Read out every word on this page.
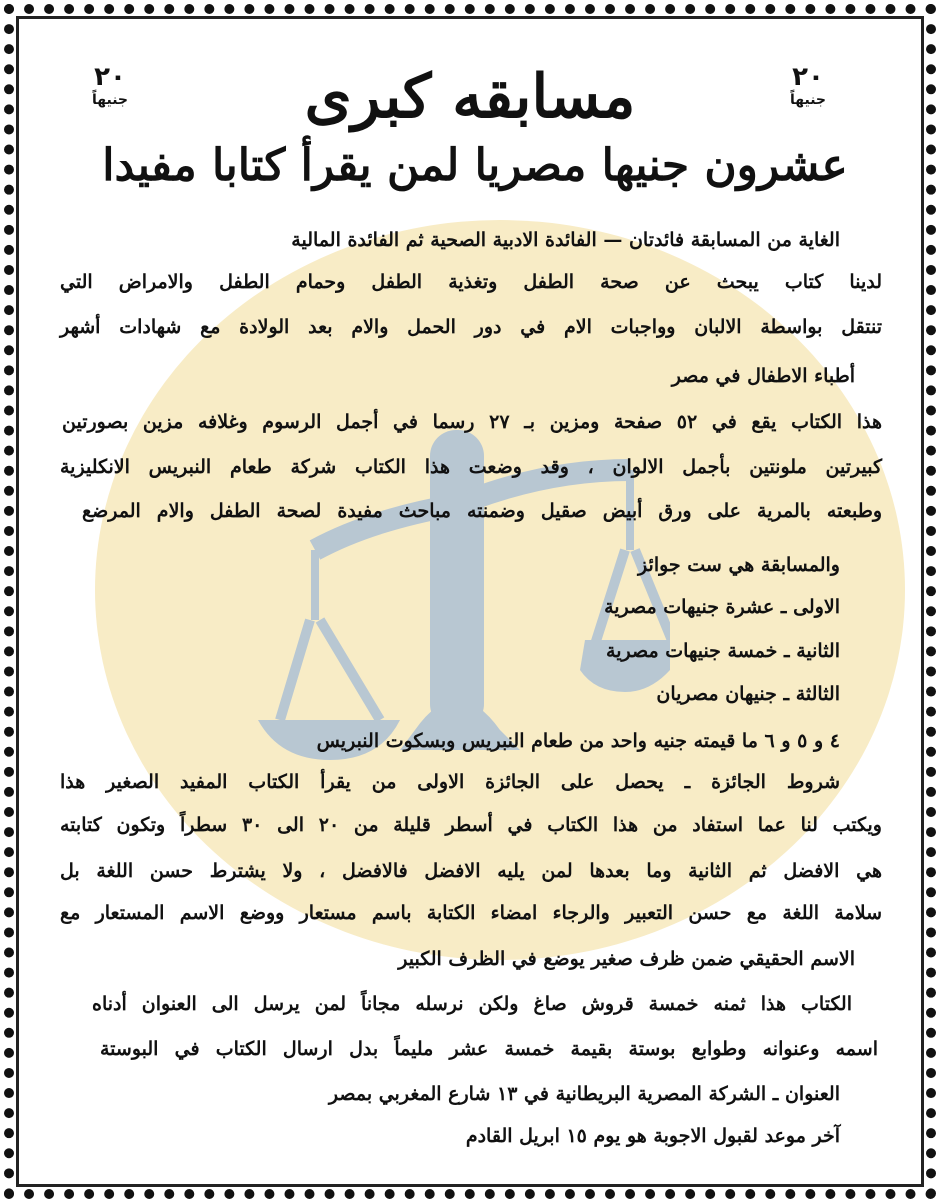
٢٠
جنيهاً
٢٠
جنيهاً
مسابقه كبرى
عشرون جنيها مصريا لمن يقرأ كتابا مفيدا
الغاية من المسابقة فائدتان — الفائدة الادبية الصحية ثم الفائدة المالية
لدينا كتاب يبحث عن صحة الطفل وتغذية الطفل وحمام الطفل والامراض التي
تنتقل بواسطة الالبان وواجبات الام في دور الحمل والام بعد الولادة مع شهادات أشهر
أطباء الاطفال في مصر
هذا الكتاب يقع في ٥٢ صفحة ومزين بـ ٢٧ رسما في أجمل الرسوم وغلافه مزين بصورتين
كبيرتين ملونتين بأجمل الالوان ، وقد وضعت هذا الكتاب شركة طعام النبريس الانكليزية
وطبعته بالمرية على ورق أبيض صقيل وضمنته مباحث مفيدة لصحة الطفل والام المرضع
والمسابقة هي ست جوائز
الاولى ـ عشرة جنيهات مصرية
الثانية ـ خمسة جنيهات مصرية
الثالثة ـ جنيهان مصريان
٤ و ٥ و ٦ ما قيمته جنيه واحد من طعام النبريس وبسكوت النبريس
شروط الجائزة ـ يحصل على الجائزة الاولى من يقرأ الكتاب المفيد الصغير هذا
ويكتب لنا عما استفاد من هذا الكتاب في أسطر قليلة من ٢٠ الى ٣٠ سطراً وتكون كتابته
هي الافضل ثم الثانية وما بعدها لمن يليه الافضل فالافضل ، ولا يشترط حسن اللغة بل
سلامة اللغة مع حسن التعبير والرجاء امضاء الكتابة باسم مستعار ووضع الاسم المستعار مع
الاسم الحقيقي ضمن ظرف صغير يوضع في الظرف الكبير
الكتاب هذا ثمنه خمسة قروش صاغ ولكن نرسله مجاناً لمن يرسل الى العنوان أدناه
اسمه وعنوانه وطوابع بوستة بقيمة خمسة عشر مليماً بدل ارسال الكتاب في البوستة
العنوان ـ الشركة المصرية البريطانية في ١٣ شارع المغربي بمصر
آخر موعد لقبول الاجوبة هو يوم ١٥ ابريل القادم
